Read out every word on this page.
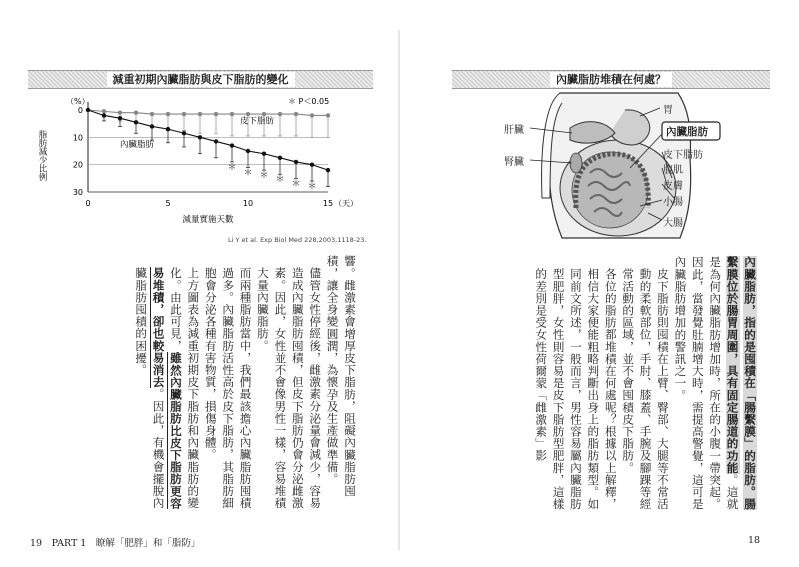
減重初期內臟脂肪與皮下脂肪的變化
0
10
20
30
0	5	10	15 （天）
（%）
減量實施天數
脂肪減少比例
＊ P＜0.05
皮下脂肪
內臟脂肪
＊
＊ ＊ ＊ ＊ ＊
Li Y et al. Exp Biol Med 228,2003,1118-23.

響。雌激素會增厚皮下脂肪，阻礙內臟脂肪囤積，讓全身變圓潤，為懷孕及生產做準備。

儘管女性停經後，雌激素分泌量會減少，容易造成內臟脂肪囤積，但皮下脂肪仍會分泌雌激素。因此，女性並不會像男性一樣，容易堆積大量內臟脂肪。

而兩種脂肪當中，我們最該擔心內臟脂肪囤積過多。內臟脂肪活性高於皮下脂肪，其脂肪細胞會分泌各種有害物質，損傷身體。

上方圖表為減重初期皮下脂肪和內臟脂肪的變化。由此可見，雖然內臟脂肪比皮下脂肪更容易堆積，卻也較易消去。因此，有機會擺脫內臟脂肪囤積的困擾。

19　PART 1　瞭解「肥胖」和「脂防」
內臟脂肪堆積在何處？
肝臟
腎臟
胃
內臟脂肪
皮下脂肪
腹肌
皮膚
小腸
大腸

內臟脂肪，指的是囤積在「腸繫膜」的脂肪。腸繫膜位於腸胃周圍，具有固定腸道的功能。這就是為何內臟脂肪增加時，所在的小腹一帶突起。因此，當發覺肚腩增大時，需提高警覺，這可是內臟脂肪增加的警訊之一。

皮下脂肪則囤積在上臂、臀部、大腿等不常活動的柔軟部位，手肘、膝蓋、手腕及腳踝等經常活動的區域，並不會囤積皮下脂肪。

各位的脂肪都堆積在何處呢？根據以上解釋，相信大家便能粗略判斷出身上的脂肪類型。如同前文所述，一般而言，男性容易屬內臟脂肪型肥胖，女性則容易是皮下脂肪型肥胖，這樣的差別是受女性荷爾蒙「雌激素」影

18
